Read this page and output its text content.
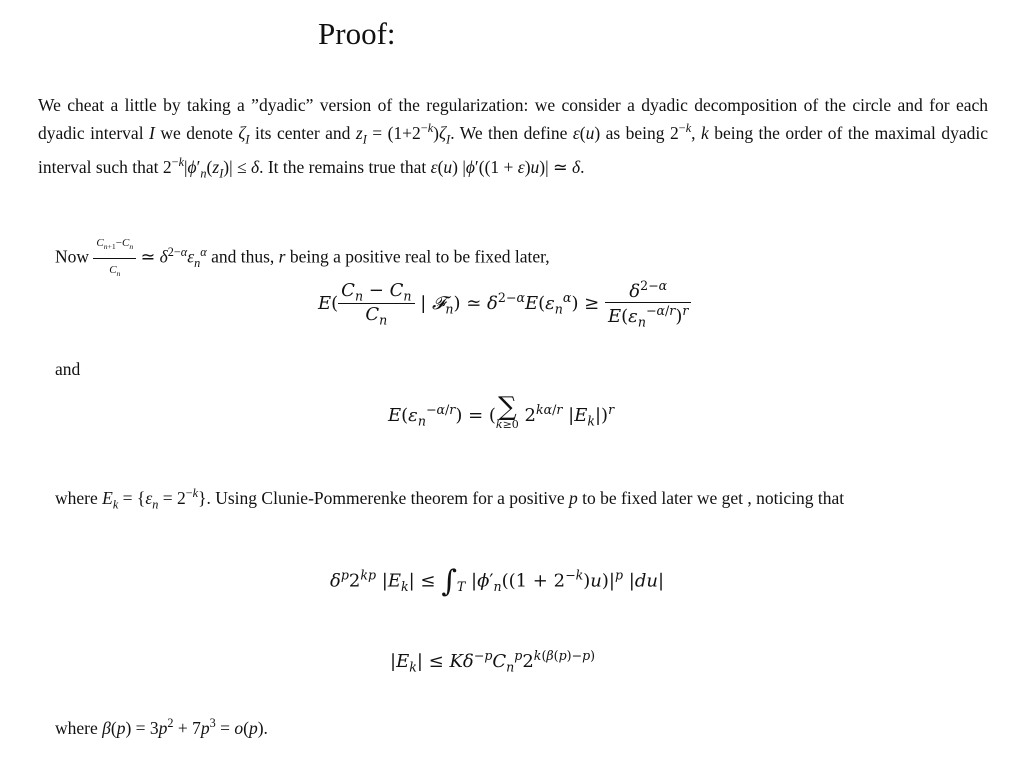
Proof:
We cheat a little by taking a ”dyadic” version of the regularization: we consider a dyadic decomposition of the circle and for each dyadic interval I we denote $\zeta_I$ its center and $z_I = (1+2^{-k})\zeta_I$. We then define ε(u) as being $2^{-k}$, k being the order of the maximal dyadic interval such that $2^{-k}|\phi'_n(z_I)| \le \delta$. It the remains true that ε(u) |ϕ′((1 + ε)u)| ≃ δ.
Now $\frac{C_{n+1}-C_n}{C_n}$ ≃ $\delta^{2-\alpha}\varepsilon_n^\alpha$ and thus, r being a positive real to be fixed later,
$E( \frac{C_n - C_n}{C_n}$ | 𝓕$_n$) ≃ $\delta^{2-\alpha}E(\varepsilon_n^\alpha) \ge \frac{\delta^{2-\alpha}}{E(\varepsilon_n^{-\alpha/r})^r}$
and
$E(\varepsilon_n^{-\alpha/r})$ = (∑
k≥0 $2^{k\alpha/r}$ $|E_k|)^r$
where $E_k = \{\varepsilon_n = 2^{-k}\}$. Using Clunie-Pommerenke theorem for a positive p to be fixed later we get , noticing that
$\delta^p2^{kp}$ $|E_k| \le \int_T$ $|\phi'_n((1 + 2^{-k})u)|^p$ |du|
$|E_k| \le K\delta^{-p}C_n^p2^{k(\beta(p)-p)}$
where $\beta(p) = 3p^2 + 7p^3 = o(p)$.
